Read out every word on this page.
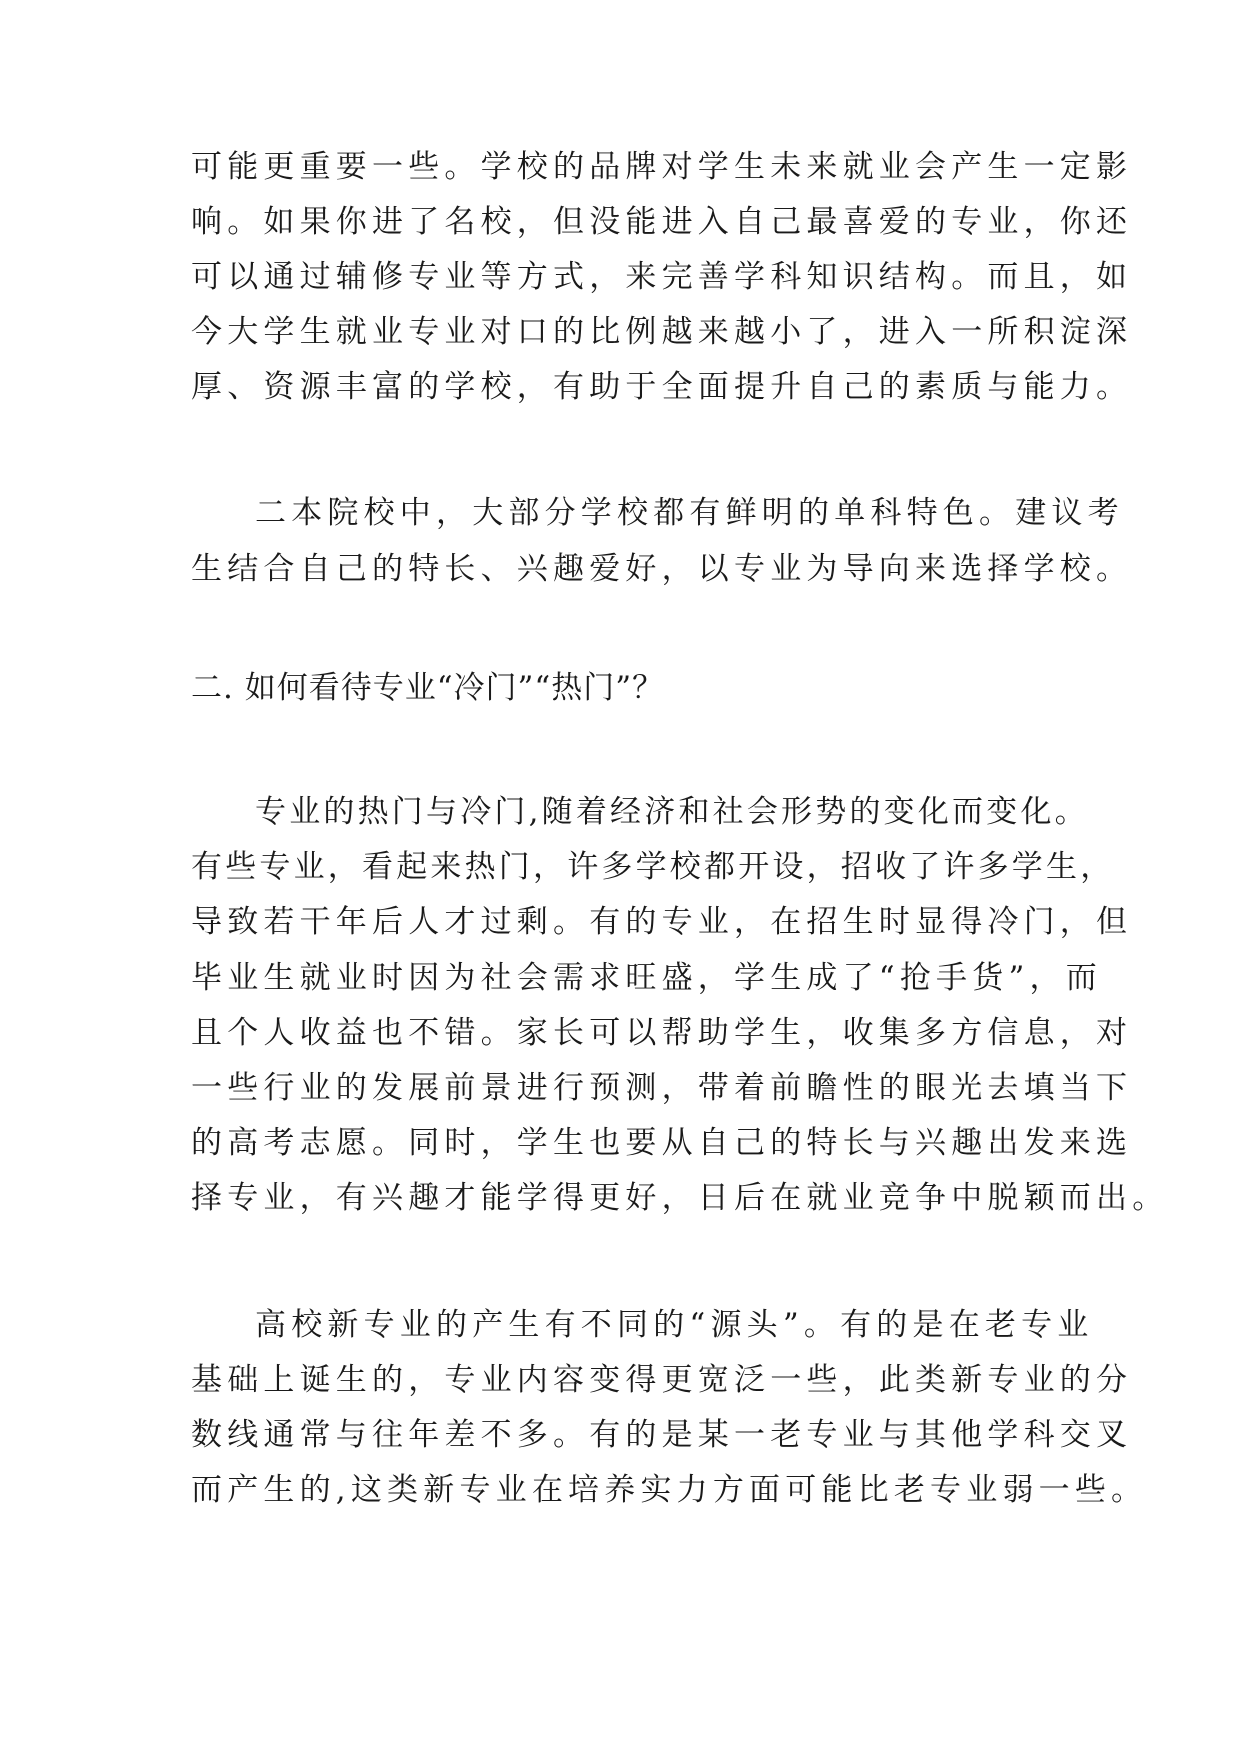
可能更重要一些。学校的品牌对学生未来就业会产生一定影
响。如果你进了名校，但没能进入自己最喜爱的专业，你还
可以通过辅修专业等方式，来完善学科知识结构。而且，如
今大学生就业专业对口的比例越来越小了，进入一所积淀深
厚、资源丰富的学校，有助于全面提升自己的素质与能力。
二本院校中，大部分学校都有鲜明的单科特色。建议考
生结合自己的特长、兴趣爱好，以专业为导向来选择学校。
二. 如何看待专业“冷门”“热门”？
专业的热门与冷门,随着经济和社会形势的变化而变化。
有些专业，看起来热门，许多学校都开设，招收了许多学生，
导致若干年后人才过剩。有的专业，在招生时显得冷门，但
毕业生就业时因为社会需求旺盛，学生成了“抢手货”，而
且个人收益也不错。家长可以帮助学生，收集多方信息，对
一些行业的发展前景进行预测，带着前瞻性的眼光去填当下
的高考志愿。同时，学生也要从自己的特长与兴趣出发来选
择专业，有兴趣才能学得更好，日后在就业竞争中脱颖而出。
高校新专业的产生有不同的“源头”。有的是在老专业
基础上诞生的，专业内容变得更宽泛一些，此类新专业的分
数线通常与往年差不多。有的是某一老专业与其他学科交叉
而产生的,这类新专业在培养实力方面可能比老专业弱一些。
